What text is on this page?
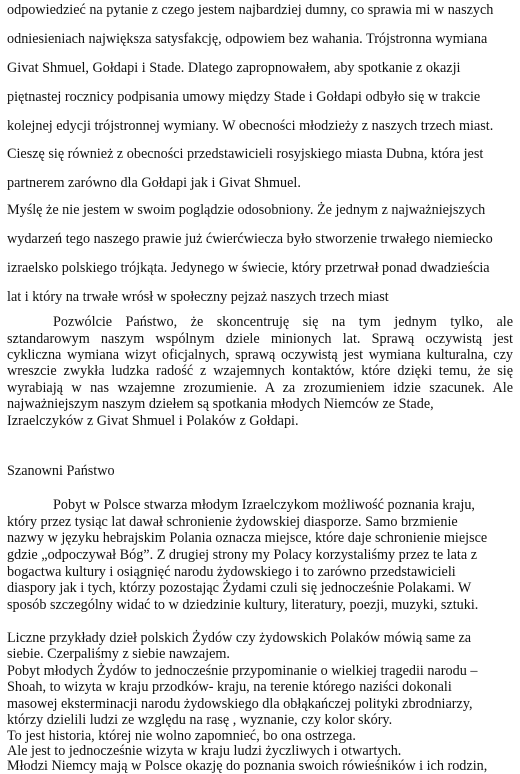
odpowiedzieć na pytanie z czego jestem najbardziej dumny, co sprawia mi w naszych
odniesieniach największa satysfakcję, odpowiem bez wahania. Trójstronna wymiana
Givat Shmuel, Gołdapi i Stade. Dlatego zapropnowałem, aby spotkanie z okazji
piętnastej rocznicy podpisania umowy między Stade i Gołdapi odbyło się w trakcie
kolejnej edycji trójstronnej wymiany. W obecności młodzieży z naszych trzech miast.
Cieszę się również z obecności przedstawicieli rosyjskiego miasta Dubna, która jest
partnerem zarówno dla Gołdapi jak i Givat Shmuel.
Myślę że nie jestem w swoim poglądzie odosobniony. Że jednym z najważniejszych
wydarzeń tego naszego prawie już ćwierćwiecza było stworzenie trwałego niemiecko
izraelsko polskiego trójkąta. Jedynego w świecie, który przetrwał ponad dwadzieścia
lat i który na trwałe wrósł w społeczny pejzaż naszych trzech miast
Pozwólcie Państwo, że skoncentruję się na tym jednym tylko, ale
sztandarowym naszym wspólnym dziele minionych lat. Sprawą oczywistą jest
cykliczna wymiana wizyt oficjalnych, sprawą oczywistą jest wymiana kulturalna, czy
wreszcie zwykła ludzka radość z wzajemnych kontaktów, które dzięki temu, że się
wyrabiają w nas wzajemne zrozumienie. A za zrozumieniem idzie szacunek. Ale
najważniejszym naszym dziełem są spotkania młodych Niemców ze Stade,
Izraelczyków z Givat Shmuel i Polaków z Gołdapi.
Szanowni Państwo
Pobyt w Polsce stwarza młodym Izraelczykom możliwość poznania kraju,
który przez tysiąc lat dawał schronienie żydowskiej diasporze. Samo brzmienie
nazwy w języku hebrajskim Polania oznacza miejsce, które daje schronienie miejsce
gdzie „odpoczywał Bóg”. Z drugiej strony my Polacy korzystaliśmy przez te lata z
bogactwa kultury i osiągnięć narodu żydowskiego i to zarówno przedstawicieli
diaspory jak i tych, którzy pozostając Żydami czuli się jednocześnie Polakami. W
sposób szczególny widać to w dziedzinie kultury, literatury, poezji, muzyki, sztuki.
Liczne przykłady dzieł polskich Żydów czy żydowskich Polaków mówią same za
siebie. Czerpaliśmy z siebie nawzajem.
Pobyt młodych Żydów to jednocześnie przypominanie o wielkiej tragedii narodu –
Shoah, to wizyta w kraju przodków- kraju, na terenie którego naziści dokonali
masowej eksterminacji narodu żydowskiego dla obłąkańczej polityki zbrodniarzy,
którzy dzielili ludzi ze względu na rasę , wyznanie, czy kolor skóry.
To jest historia, której nie wolno zapomnieć, bo ona ostrzega.
Ale jest to jednocześnie wizyta w kraju ludzi życzliwych i otwartych.
Młodzi Niemcy mają w Polsce okazję do poznania swoich rówieśników i ich rodzin,
